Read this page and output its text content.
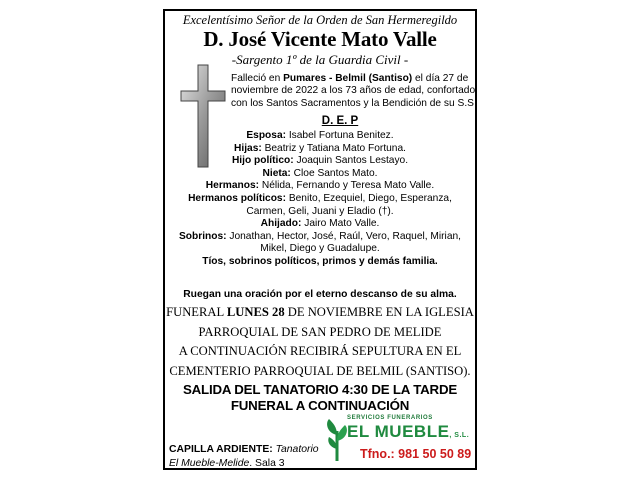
Excelentísimo Señor de la Orden de San Hermeregildo
D. José Vicente Mato Valle
-Sargento 1º de la Guardia Civil -
Falleció en Pumares - Belmil (Santiso) el día 27 de
noviembre de 2022 a los 73 años de edad, confortado
con los Santos Sacramentos y la Bendición de su S.S
D. E. P
Esposa: Isabel Fortuna Benitez.
Hijas: Beatriz y Tatiana Mato Fortuna.
Hijo político: Joaquin Santos Lestayo.
Nieta: Cloe Santos Mato.
Hermanos: Nélida, Fernando y Teresa Mato Valle.
Hermanos políticos: Benito, Ezequiel, Diego, Esperanza,
Carmen, Geli, Juani y Eladio (†).
Ahijado: Jairo Mato Valle.
Sobrinos: Jonathan, Hector, José, Raúl, Vero, Raquel, Mirian,
Mikel, Diego y Guadalupe.
Tíos, sobrinos políticos, primos y demás familia.
Ruegan una oración por el eterno descanso de su alma.
FUNERAL LUNES 28 DE NOVIEMBRE EN LA IGLESIA
PARROQUIAL DE SAN PEDRO DE MELIDE
A CONTINUACIÓN RECIBIRÁ SEPULTURA EN EL
CEMENTERIO PARROQUIAL DE BELMIL (SANTISO).
SALIDA DEL TANATORIO 4:30 DE LA TARDE
FUNERAL A CONTINUACIÓN
CAPILLA ARDIENTE: Tanatorio
El Mueble-Melide. Sala 3
SERVICIOS FUNERARIOS
EL MUEBLE, S.L.
Tfno.: 981 50 50 89
